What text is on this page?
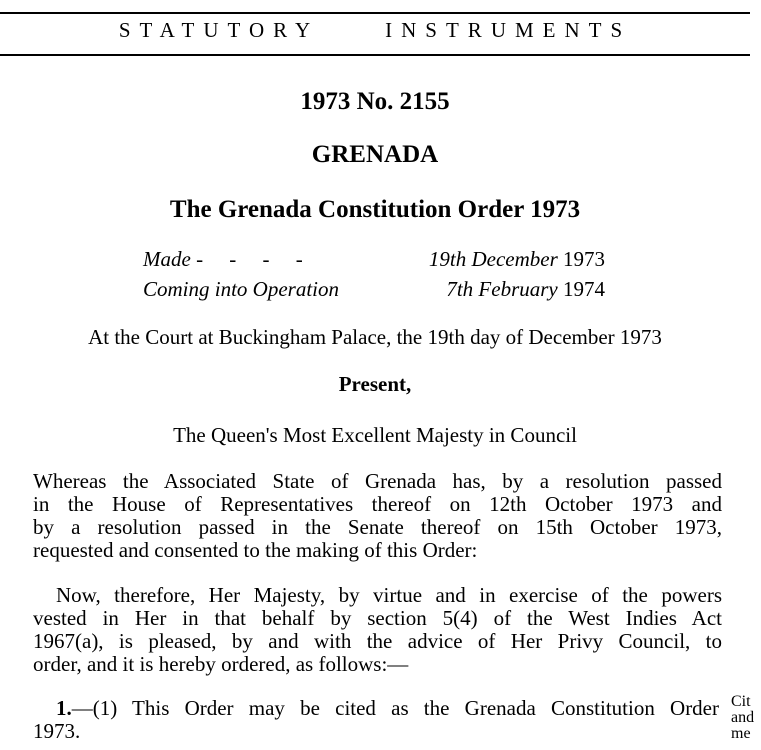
STATUTORY	INSTRUMENTS
1973 No. 2155
GRENADA
The Grenada Constitution Order 1973
Made -     -     -     -	19th December 1973
Coming into Operation	7th February 1974
At the Court at Buckingham Palace, the 19th day of December 1973
Present,
The Queen's Most Excellent Majesty in Council
Whereas the Associated State of Grenada has, by a resolution passed
in the House of Representatives thereof on 12th October 1973 and
by a resolution passed in the Senate thereof on 15th October 1973,
requested and consented to the making of this Order:
Now, therefore, Her Majesty, by virtue and in exercise of the powers
vested in Her in that behalf by section 5(4) of the West Indies Act
1967(a), is pleased, by and with the advice of Her Privy Council, to
order, and it is hereby ordered, as follows:—
1.—(1) This Order may be cited as the Grenada Constitution Order
1973.
Cit
and
me
